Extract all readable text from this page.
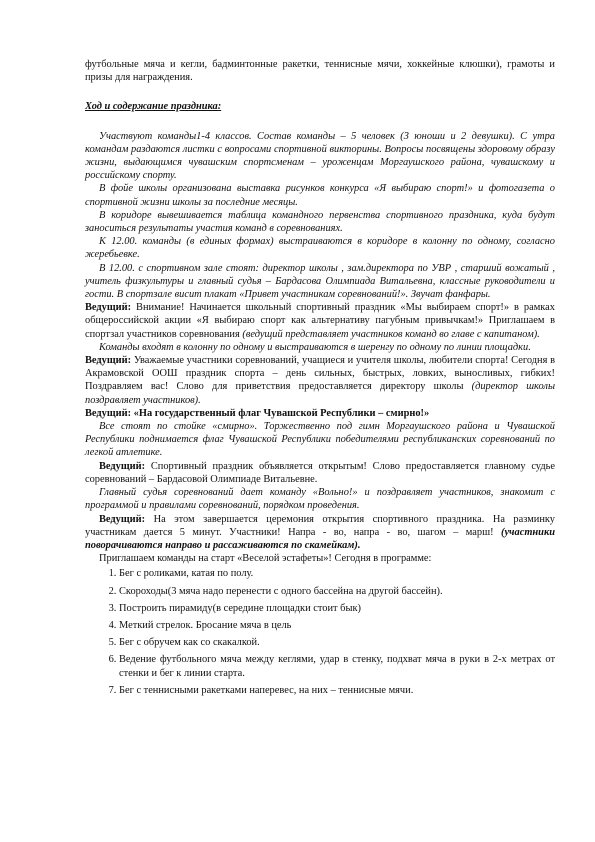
футбольные мяча и кегли, бадминтонные ракетки, теннисные мячи, хоккейные клюшки), грамоты и призы для награждения.

Ход и содержание праздника:

Участвуют команды1-4 классов. Состав команды – 5 человек (3 юноши и 2 девушки). С утра командам раздаются листки с вопросами спортивной викторины. Вопросы посвящены здоровому образу жизни, выдающимся чувашским спортсменам – уроженцам Моргаушского района, чувашскому и российскому спорту.

В фойе школы организована выставка рисунков конкурса «Я выбираю спорт!» и фотогазета о спортивной жизни школы за последние месяцы.

В коридоре вывешивается таблица командного первенства спортивного праздника, куда будут заноситься результаты участия команд в соревнованиях.

К 12.00. команды (в единых формах) выстраиваются в коридоре в колонну по одному, согласно жеребьевке.

В 12.00. с спортивном зале стоят: директор школы , зам.директора по УВР , старший вожатый , учитель физкультуры и главный судья – Бардасова Олимпиада Витальевна, классные руководители и гости. В спортзале висит плакат «Привет участникам соревнований!». Звучат фанфары.

Ведущий: Внимание! Начинается школьный спортивный праздник «Мы выбираем спорт!» в рамках общероссийской акции «Я выбираю спорт как альтернативу пагубным привычкам!» Приглашаем в спортзал участников соревнования (ведущий представляет участников команд во главе с капитаном).

Команды входят в колонну по одному и выстраиваются в шеренгу по одному по линии площадки.

Ведущий: Уважаемые участники соревнований, учащиеся и учителя школы, любители спорта! Сегодня в Акрамовской ООШ праздник спорта – день сильных, быстрых, ловких, выносливых, гибких! Поздравляем вас! Слово для приветствия предоставляется директору школы (директор школы поздравляет участников).

Ведущий: «На государственный флаг Чувашской Республики – смирно!»

Все стоят по стойке «смирно». Торжественно под гимн Моргаушского района и Чувашской Республики поднимается флаг Чувашской Республики победителями республиканских соревнований по легкой атлетике.

Ведущий: Спортивный праздник объявляется открытым! Слово предоставляется главному судье соревнований – Бардасовой Олимпиаде Витальевне.

Главный судья соревнований дает команду «Вольно!» и поздравляет участников, знакомит с программой и правилами соревнований, порядком проведения.

Ведущий: На этом завершается церемония открытия спортивного праздника. На разминку участникам дается 5 минут. Участники! Напра - во, напра - во, шагом – марш! (участники поворачиваются направо и рассаживаются по скамейкам).

Приглашаем команды на старт «Веселой эстафеты»! Сегодня в программе:

1. Бег с роликами, катая по полу.
2. Скороходы(3 мяча надо перенести с одного бассейна на другой бассейн).
3. Построить пирамиду(в середине площадки стоит бык)
4. Меткий стрелок. Бросание мяча в цель
5. Бег с обручем как со скакалкой.
6. Ведение футбольного мяча между кеглями, удар в стенку, подхват мяча в руки в 2-х метрах от стенки и бег к линии старта.
7. Бег с теннисными ракетками наперевес, на них – теннисные мячи.
